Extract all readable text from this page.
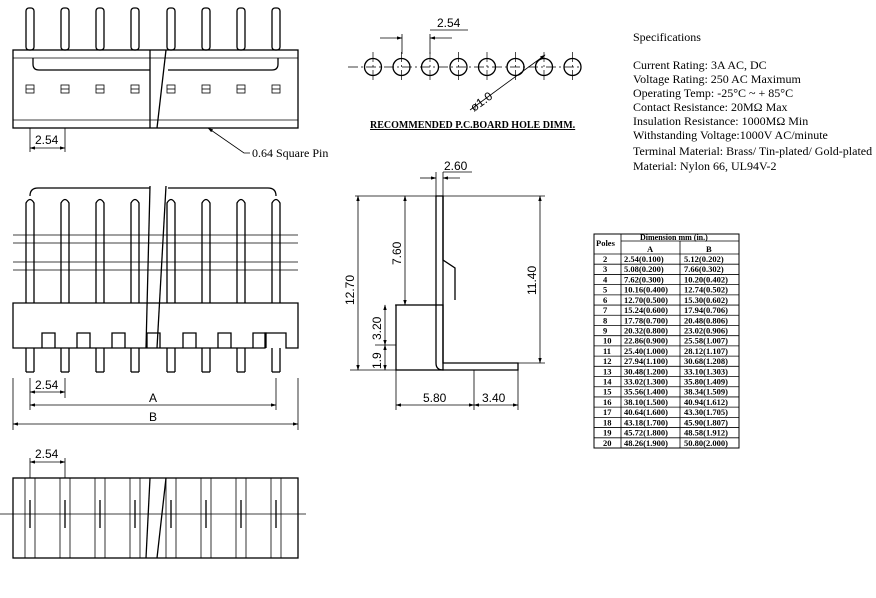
2.54
0.64 Square Pin
2.54
ø1.0
RECOMMENDED P.C.BOARD HOLE DIMM.
2.54
A
B
2.54
2.60
7.60
12.70
3.20
1.9
11.40
5.80	3.40
Specifications
Current Rating: 3A AC, DC
Voltage Rating: 250 AC Maximum
Operating Temp: -25°C ~ + 85°C
Contact Resistance: 20MΩ Max
Insulation Resistance: 1000MΩ Min
Withstanding Voltage:1000V AC/minute
Terminal Material: Brass/ Tin-plated/ Gold-plated
Material: Nylon 66, UL94V-2
Poles
Dimension mm (in.)
A	B
2 2.54(0.100) 5.12(0.202)
3 5.08(0.200) 7.66(0.302)
4 7.62(0.300) 10.20(0.402)
5 10.16(0.400) 12.74(0.502)
6 12.70(0.500) 15.30(0.602)
7 15.24(0.600) 17.94(0.706)
8 17.78(0.700) 20.48(0.806)
9 20.32(0.800) 23.02(0.906)
10 22.86(0.900) 25.58(1.007)
11 25.40(1.000) 28.12(1.107)
12 27.94(1.100) 30.68(1.208)
13 30.48(1.200) 33.10(1.303)
14 33.02(1.300) 35.80(1.409)
15 35.56(1.400) 38.34(1.509)
16 38.10(1.500) 40.94(1.612)
17 40.64(1.600) 43.30(1.705)
18 43.18(1.700) 45.90(1.807)
19 45.72(1.800) 48.58(1.912)
20 48.26(1.900) 50.80(2.000)
